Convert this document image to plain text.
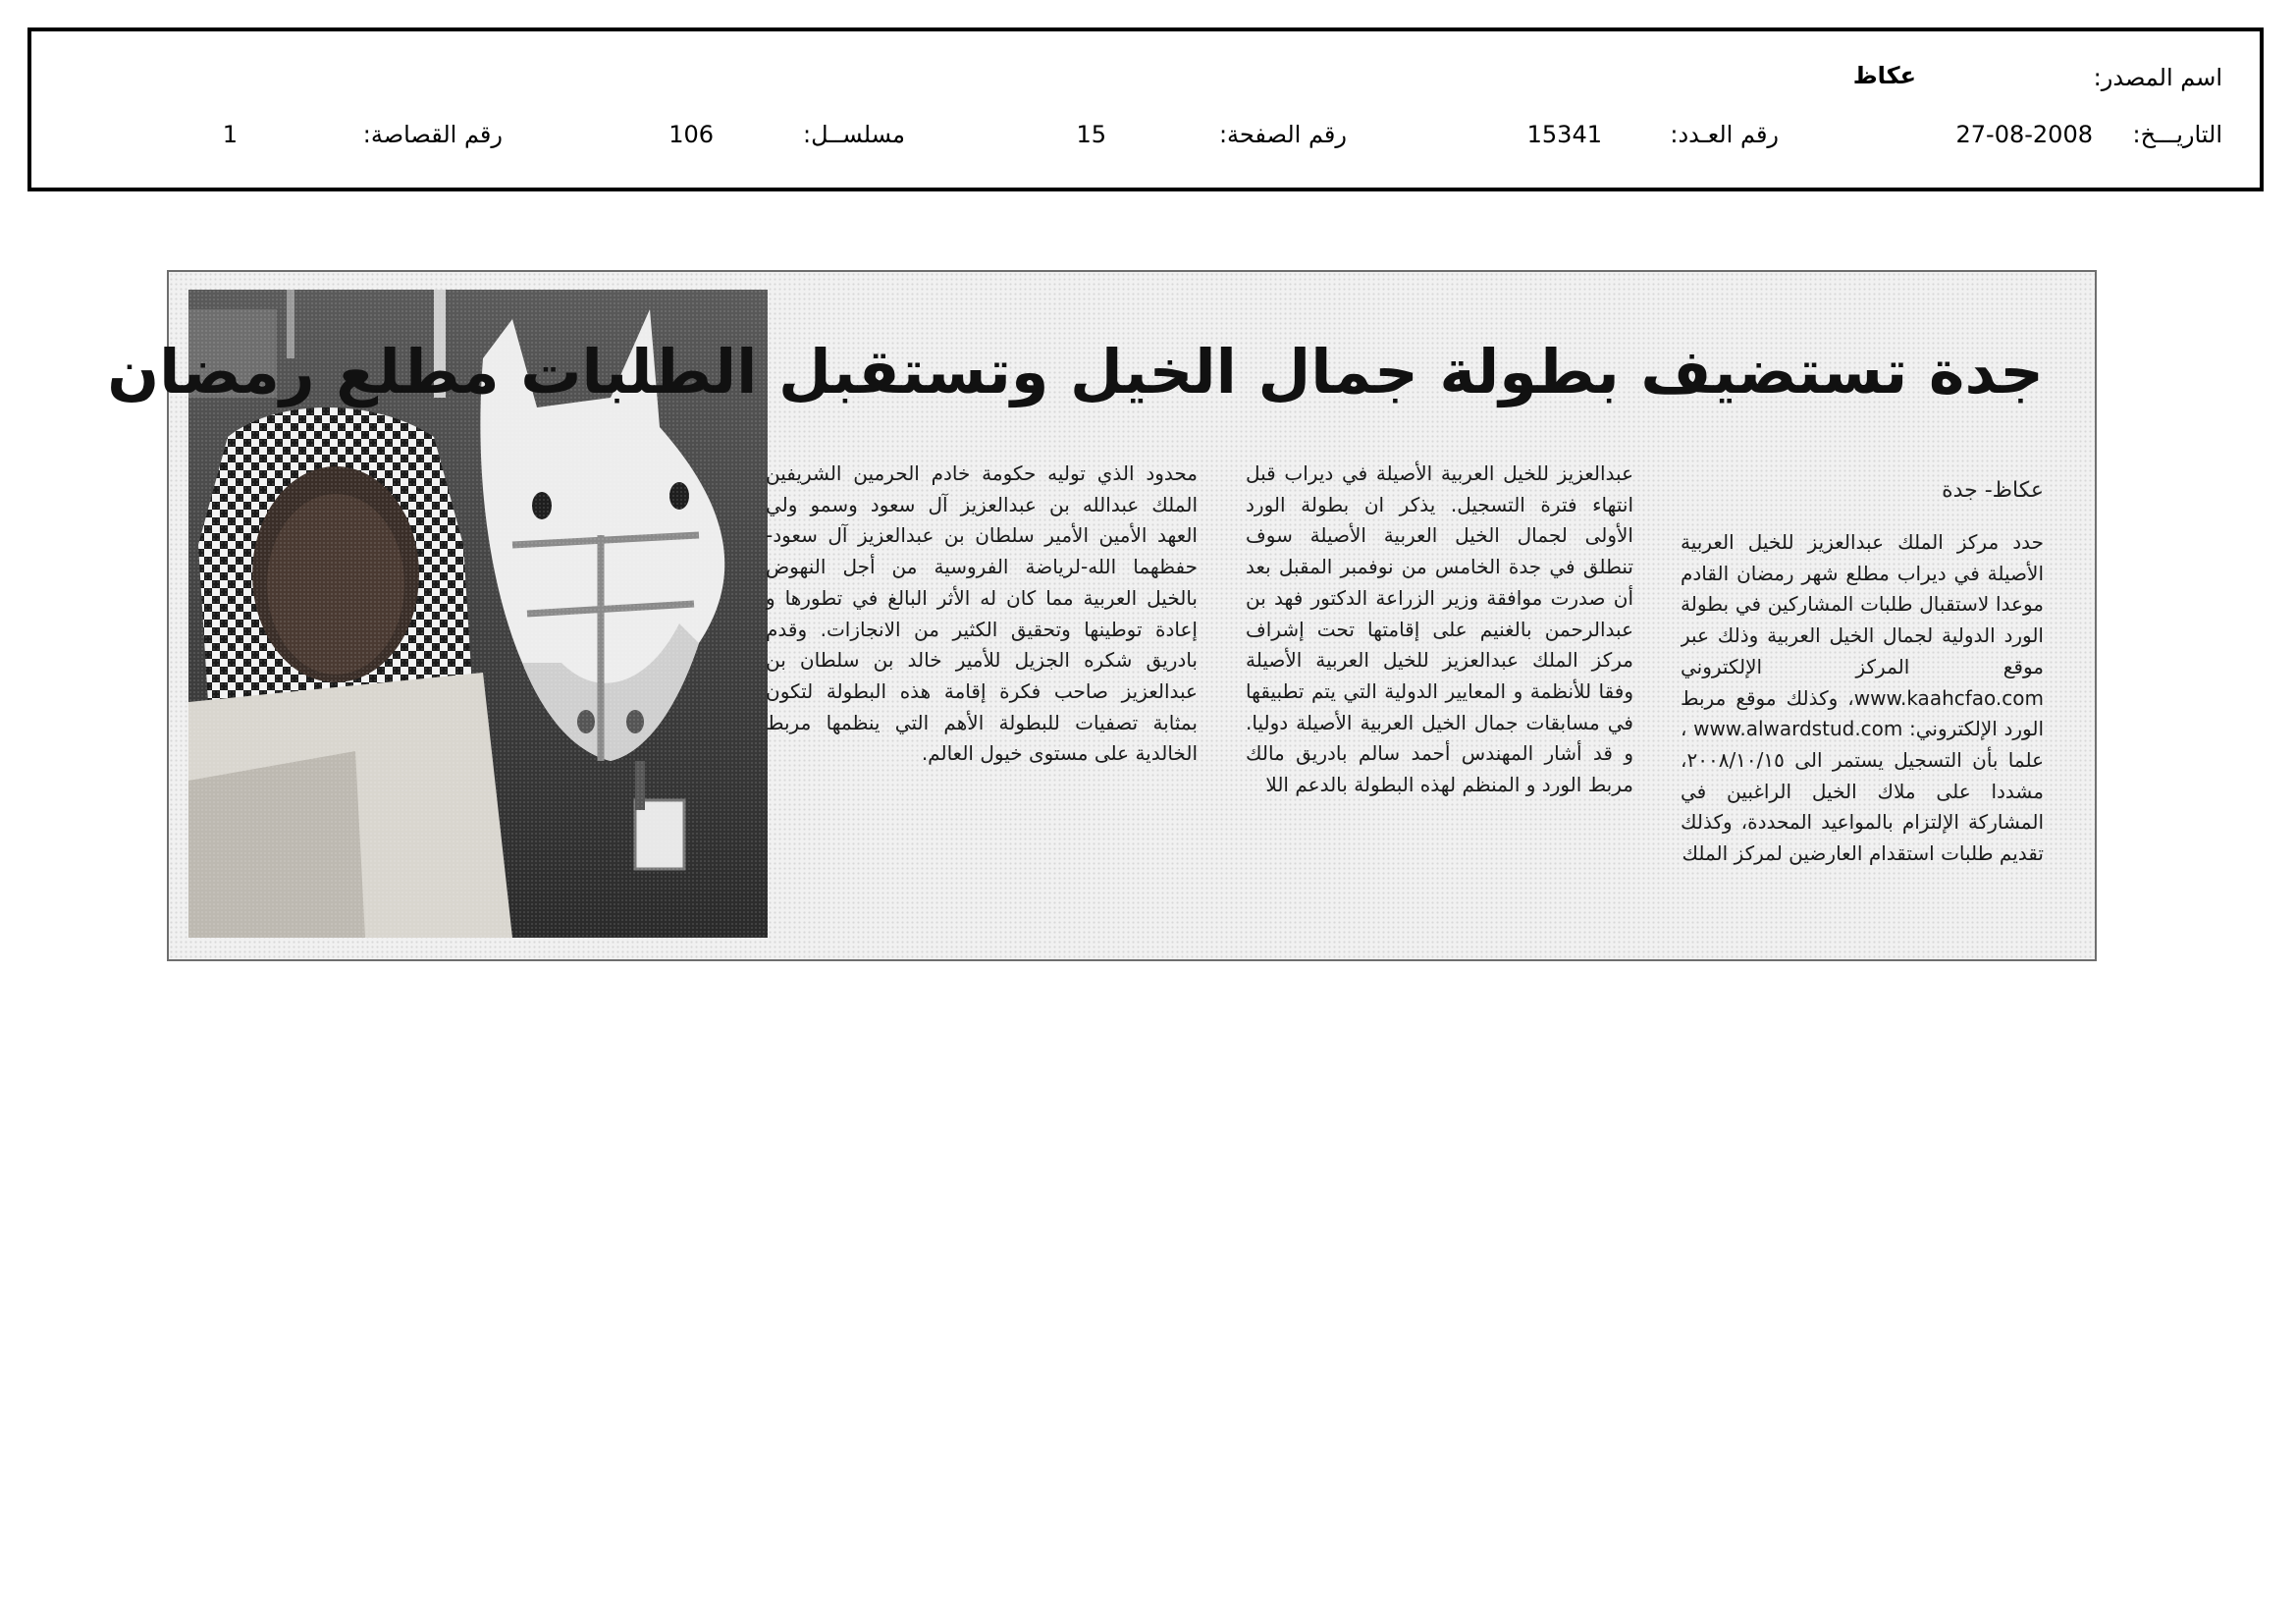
اسم المصدر:
عكاظ
التاريـــخ:
27-08-2008
رقم العـدد:
15341
رقم الصفحة:
15
مسلســل:
106
رقم القصاصة:
1
جدة تستضيف بطولة جمال الخيل وتستقبل الطلبات مطلع رمضان
عكاظ- جدة
حدد مركز الملك عبدالعزيز للخيل العربية الأصيلة في ديراب مطلع شهر رمضان القادم موعدا لاستقبال طلبات المشاركين في بطولة الورد الدولية لجمال الخيل العربية وذلك عبر موقع المركز الإلكتروني www.kaahcfao.com، وكذلك موقع مربط الورد الإلكتروني: www.alwardstud.com ، علما بأن التسجيل يستمر الى ٢٠٠٨/١٠/١٥، مشددا على ملاك الخيل الراغبين في المشاركة الإلتزام بالمواعيد المحددة، وكذلك تقديم طلبات استقدام العارضين لمركز الملك
عبدالعزيز للخيل العربية الأصيلة في ديراب قبل انتهاء فترة التسجيل. يذكر ان بطولة الورد الأولى لجمال الخيل العربية الأصيلة سوف تنطلق في جدة الخامس من نوفمبر المقبل بعد أن صدرت موافقة وزير الزراعة الدكتور فهد بن عبدالرحمن بالغنيم على إقامتها تحت إشراف مركز الملك عبدالعزيز للخيل العربية الأصيلة وفقا للأنظمة و المعايير الدولية التي يتم تطبيقها في مسابقات جمال الخيل العربية الأصيلة دوليا. و قد أشار المهندس أحمد سالم بادريق مالك مربط الورد و المنظم لهذه البطولة بالدعم اللا
محدود الذي توليه حكومة خادم الحرمين الشريفين الملك عبدالله بن عبدالعزيز آل سعود وسمو ولي العهد الأمين الأمير سلطان بن عبدالعزيز آل سعود- حفظهما الله-لرياضة الفروسية من أجل النهوض بالخيل العربية مما كان له الأثر البالغ في تطورها و إعادة توطينها وتحقيق الكثير من الانجازات. وقدم بادريق شكره الجزيل للأمير خالد بن سلطان بن عبدالعزيز صاحب فكرة إقامة هذه البطولة لتكون بمثابة تصفيات للبطولة الأهم التي ينظمها مربط الخالدية على مستوى خيول العالم.
